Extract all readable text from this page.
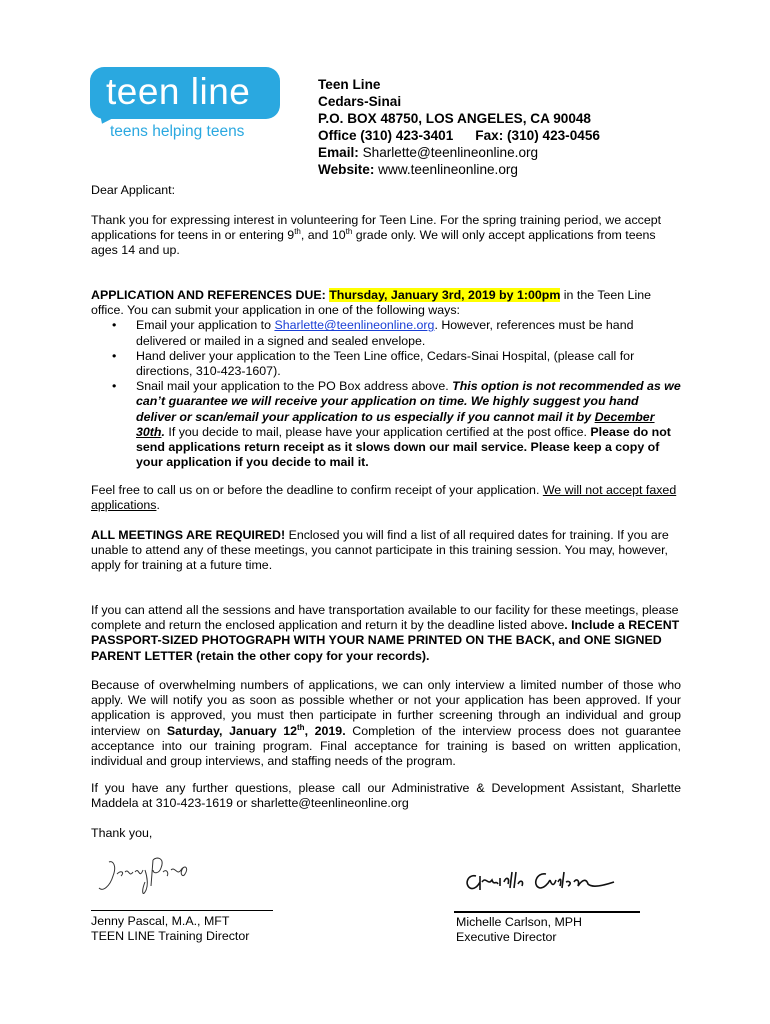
teen line
teens helping teens
Teen Line
Cedars-Sinai
P.O. BOX 48750, LOS ANGELES, CA 90048
Office (310) 423-3401 Fax: (310) 423-0456
Email: Sharlette@teenlineonline.org
Website: www.teenlineonline.org
Dear Applicant:

Thank you for expressing interest in volunteering for Teen Line. For the spring training period, we accept applications for teens in or entering 9th, and 10th grade only. We will only accept applications from teens ages 14 and up.

APPLICATION AND REFERENCES DUE: Thursday, January 3rd, 2019 by 1:00pm in the Teen Line office. You can submit your application in one of the following ways:

• Email your application to Sharlette@teenlineonline.org. However, references must be hand delivered or mailed in a signed and sealed envelope.
• Hand deliver your application to the Teen Line office, Cedars-Sinai Hospital, (please call for directions, 310-423-1607).
• Snail mail your application to the PO Box address above. This option is not recommended as we can’t guarantee we will receive your application on time. We highly suggest you hand deliver or scan/email your application to us especially if you cannot mail it by December 30th. If you decide to mail, please have your application certified at the post office. Please do not send applications return receipt as it slows down our mail service. Please keep a copy of your application if you decide to mail it.

Feel free to call us on or before the deadline to confirm receipt of your application. We will not accept faxed applications.

ALL MEETINGS ARE REQUIRED! Enclosed you will find a list of all required dates for training. If you are unable to attend any of these meetings, you cannot participate in this training session. You may, however, apply for training at a future time.

If you can attend all the sessions and have transportation available to our facility for these meetings, please complete and return the enclosed application and return it by the deadline listed above. Include a RECENT PASSPORT-SIZED PHOTOGRAPH WITH YOUR NAME PRINTED ON THE BACK, and ONE SIGNED PARENT LETTER (retain the other copy for your records).

Because of overwhelming numbers of applications, we can only interview a limited number of those who apply. We will notify you as soon as possible whether or not your application has been approved. If your application is approved, you must then participate in further screening through an individual and group interview on Saturday, January 12th, 2019. Completion of the interview process does not guarantee acceptance into our training program. Final acceptance for training is based on written application, individual and group interviews, and staffing needs of the program.

If you have any further questions, please call our Administrative & Development Assistant, Sharlette Maddela at 310-423-1619 or sharlette@teenlineonline.org

Thank you,
Jenny Pascal, M.A., MFT
TEEN LINE Training Director
Michelle Carlson, MPH
Executive Director
